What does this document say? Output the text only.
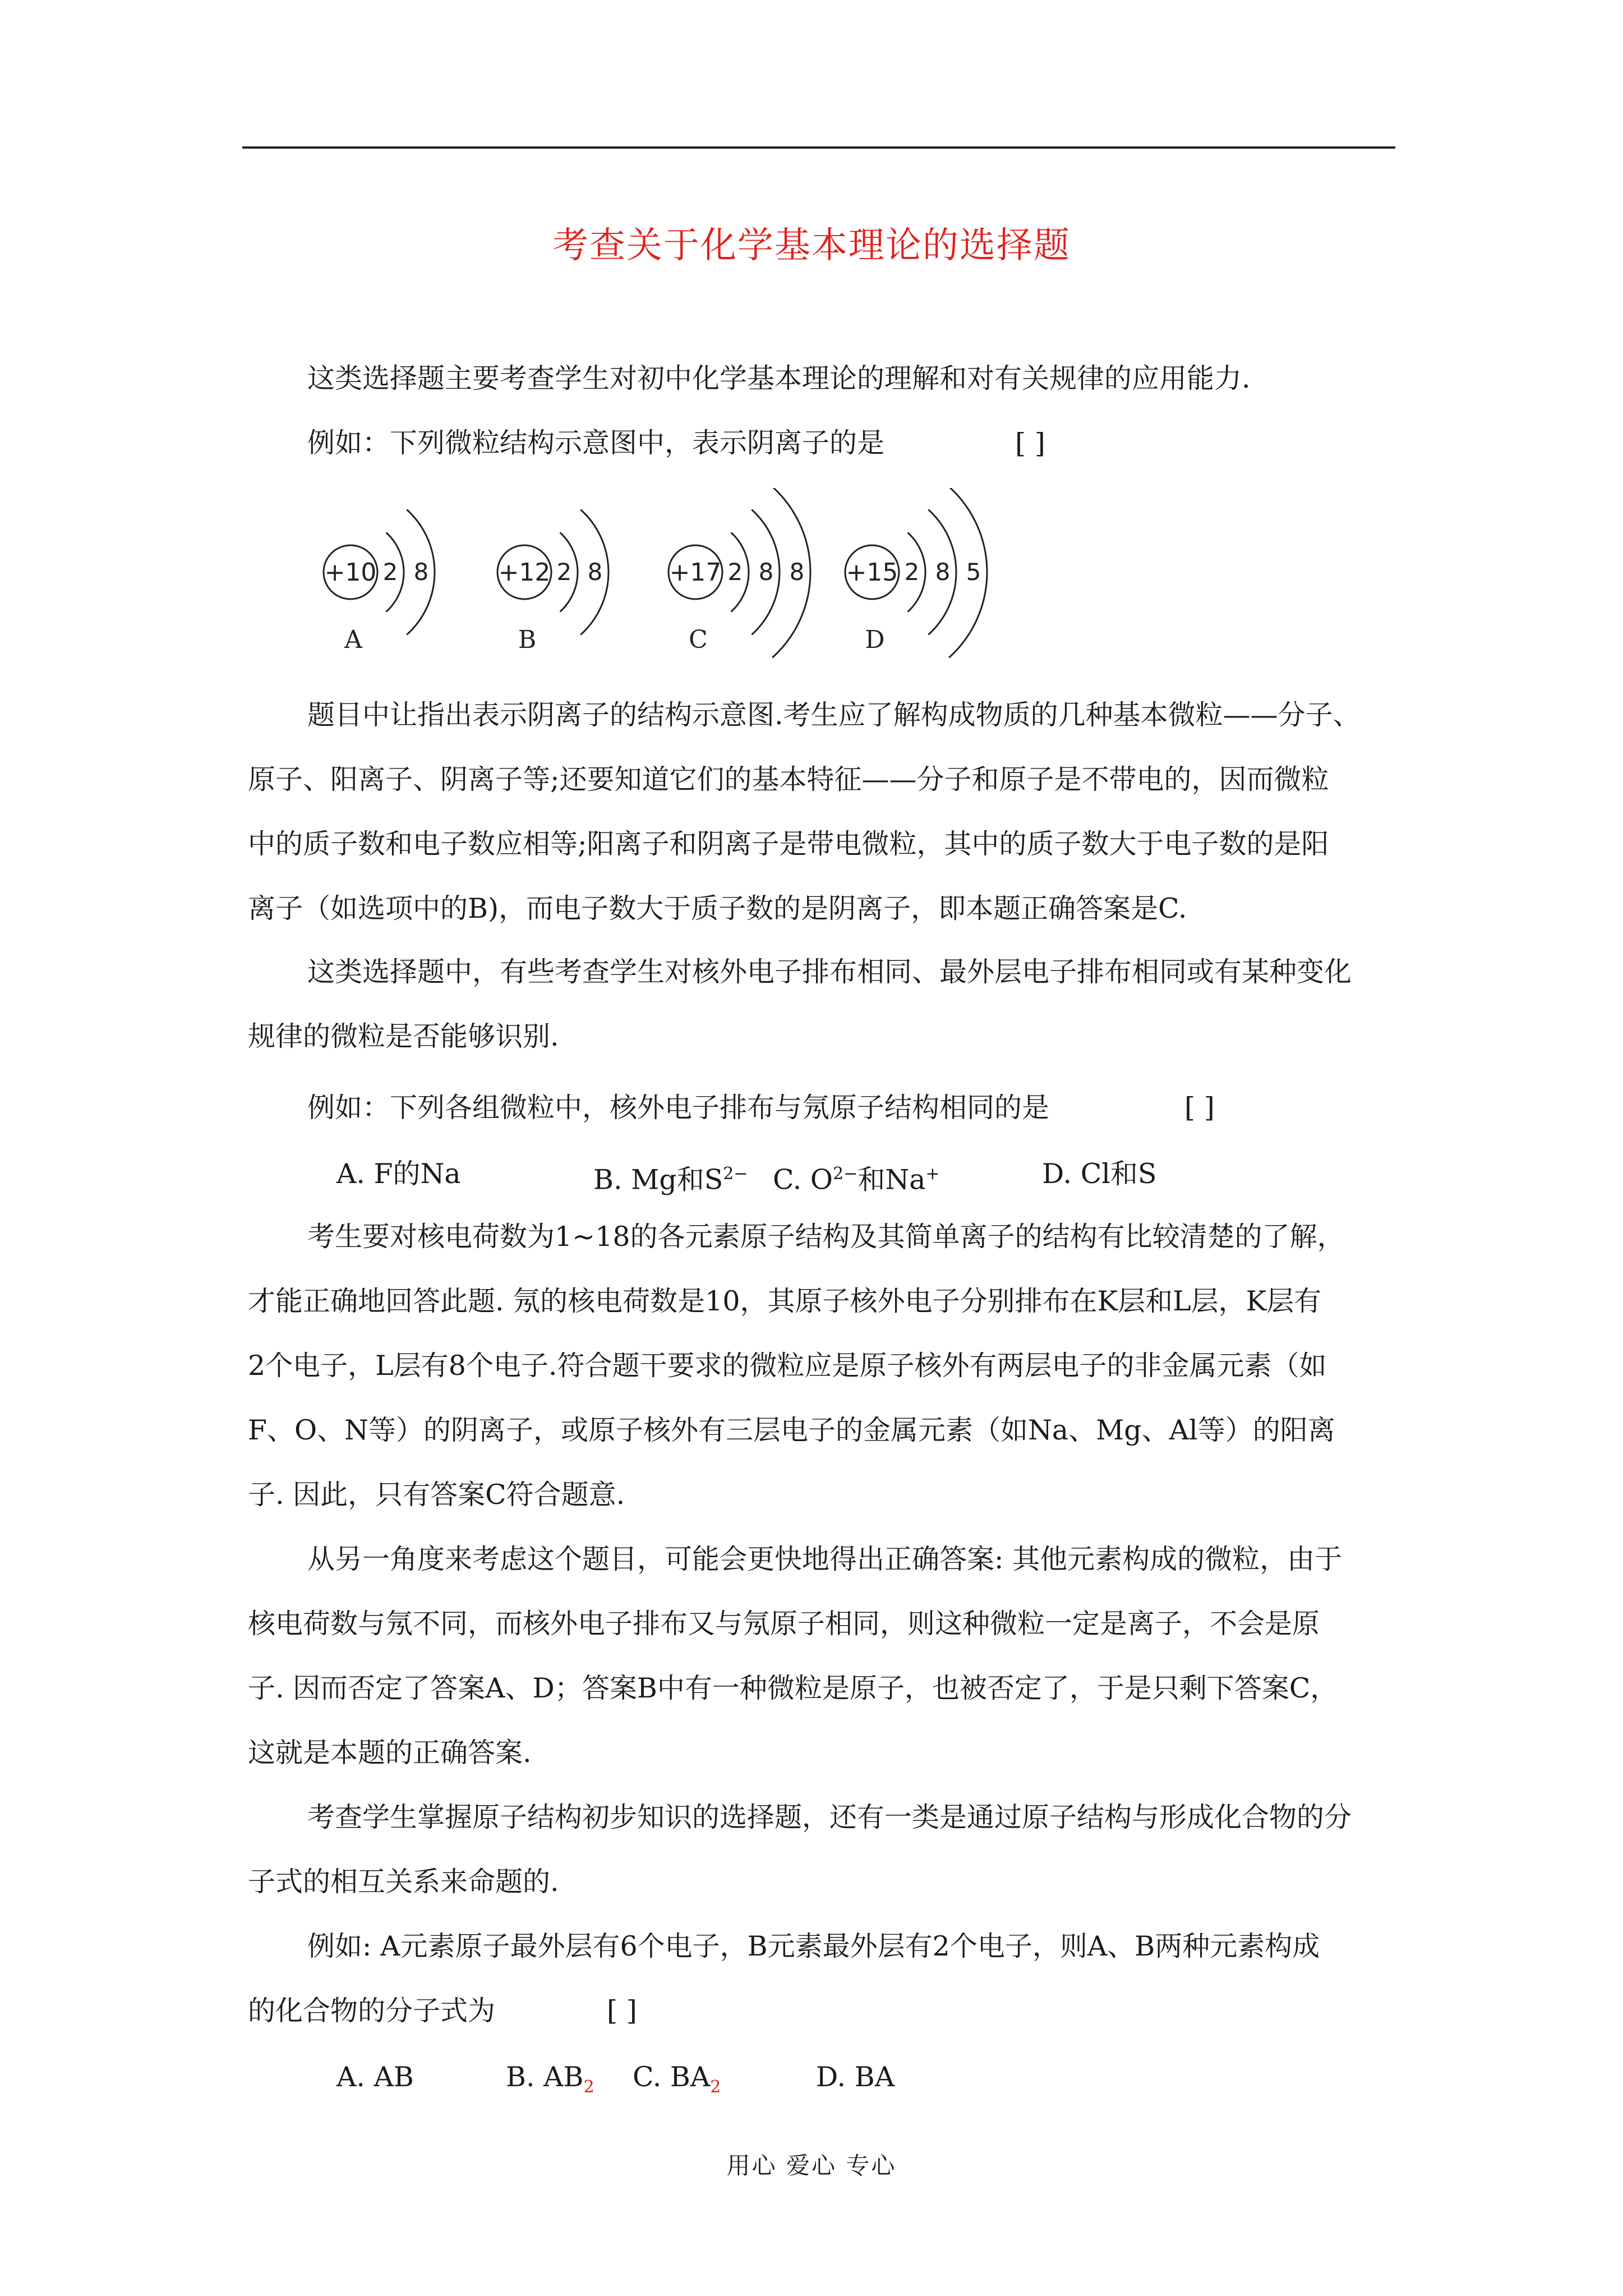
考查关于化学基本理论的选择题
这类选择题主要考查学生对初中化学基本理论的理解和对有关规律的应用能力.
例如：下列微粒结构示意图中，表示阴离子的是	[ ]
+10 2 8
A
+12 2 8
B
+17 2 8 8
C
+15 2 8 5
D
题目中让指出表示阴离子的结构示意图.考生应了解构成物质的几种基本微粒——分子、
原子、阳离子、阴离子等;还要知道它们的基本特征——分子和原子是不带电的，因而微粒
中的质子数和电子数应相等;阳离子和阴离子是带电微粒，其中的质子数大于电子数的是阳
离子（如选项中的B)，而电子数大于质子数的是阴离子，即本题正确答案是C.
这类选择题中，有些考查学生对核外电子排布相同、最外层电子排布相同或有某种变化
规律的微粒是否能够识别.
例如：下列各组微粒中，核外电子排布与氖原子结构相同的是	[ ]
A. F的Na	B. Mg和$S^{2-}$ C. $O^{2-}$和Na+	D. Cl和S
考生要对核电荷数为1~18的各元素原子结构及其简单离子的结构有比较清楚的了解，
才能正确地回答此题. 氖的核电荷数是10，其原子核外电子分别排布在K层和L层，K层有
2个电子，L层有8个电子.符合题干要求的微粒应是原子核外有两层电子的非金属元素（如
F、O、N等）的阴离子，或原子核外有三层电子的金属元素（如Na、Mg、Al等）的阳离
子. 因此，只有答案C符合题意.
从另一角度来考虑这个题目，可能会更快地得出正确答案: 其他元素构成的微粒，由于
核电荷数与氖不同，而核外电子排布又与氖原子相同，则这种微粒一定是离子，不会是原
子. 因而否定了答案A、D；答案B中有一种微粒是原子，也被否定了，于是只剩下答案C，
这就是本题的正确答案.
考查学生掌握原子结构初步知识的选择题，还有一类是通过原子结构与形成化合物的分
子式的相互关系来命题的.
例如: A元素原子最外层有6个电子，B元素最外层有2个电子，则A、B两种元素构成
的化合物的分子式为	[ ]
A. AB	B. $AB_2$ C. $BA_2$	D. BA
用心 爱心 专心
